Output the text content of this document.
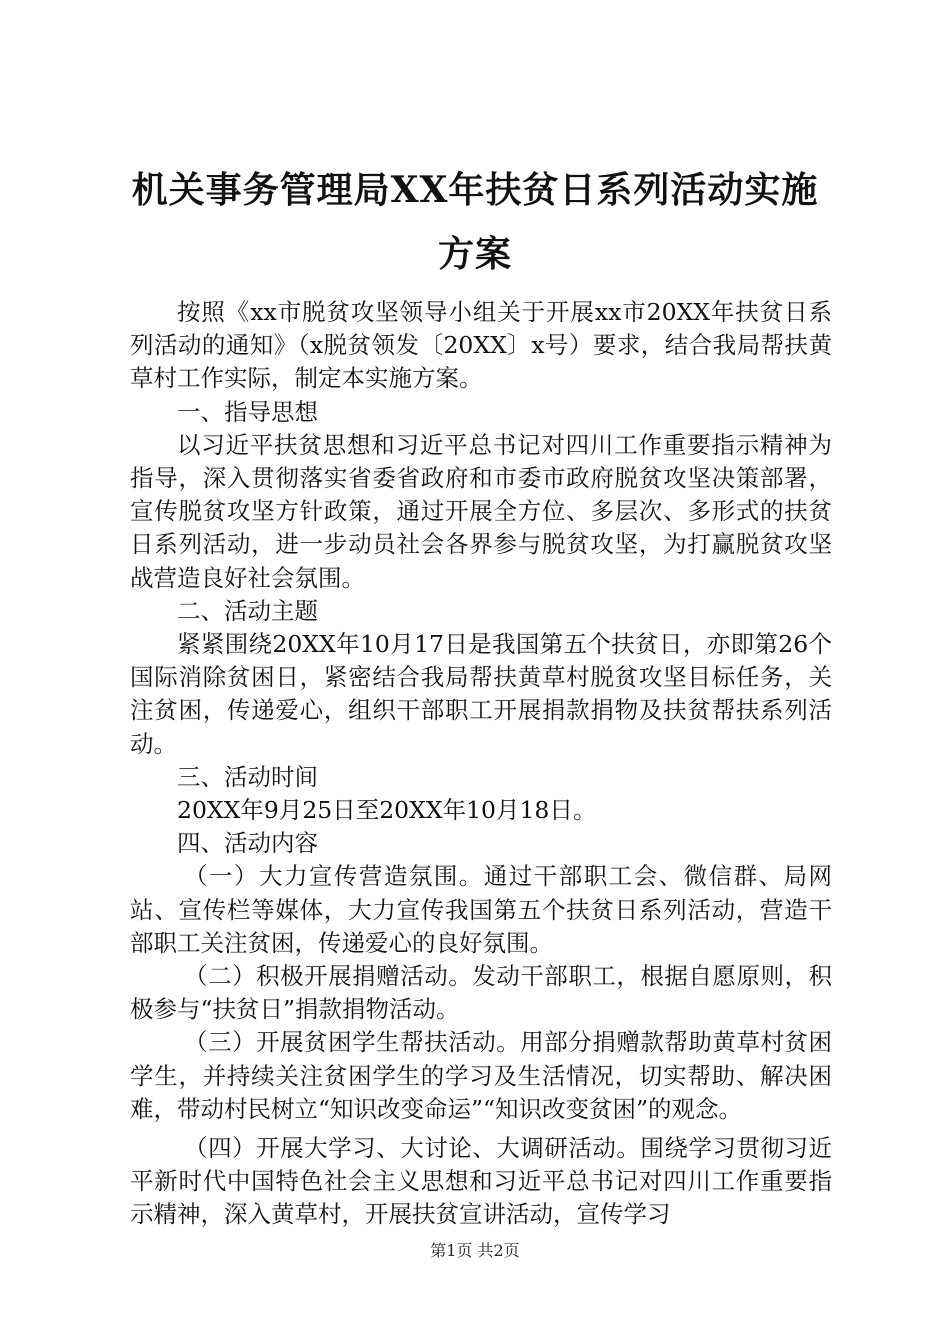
机关事务管理局XX年扶贫日系列活动实施方案

按照《xx市脱贫攻坚领导小组关于开展xx市20XX年扶贫日系列活动的通知》（x脱贫领发〔20XX〕x号）要求，结合我局帮扶黄草村工作实际，制定本实施方案。

一、指导思想

以习近平扶贫思想和习近平总书记对四川工作重要指示精神为指导，深入贯彻落实省委省政府和市委市政府脱贫攻坚决策部署，宣传脱贫攻坚方针政策，通过开展全方位、多层次、多形式的扶贫日系列活动，进一步动员社会各界参与脱贫攻坚，为打赢脱贫攻坚战营造良好社会氛围。

二、活动主题

紧紧围绕20XX年10月17日是我国第五个扶贫日，亦即第26个国际消除贫困日，紧密结合我局帮扶黄草村脱贫攻坚目标任务，关注贫困，传递爱心，组织干部职工开展捐款捐物及扶贫帮扶系列活动。

三、活动时间

20XX年9月25日至20XX年10月18日。

四、活动内容

（一）大力宣传营造氛围。通过干部职工会、微信群、局网站、宣传栏等媒体，大力宣传我国第五个扶贫日系列活动，营造干部职工关注贫困，传递爱心的良好氛围。

（二）积极开展捐赠活动。发动干部职工，根据自愿原则，积极参与“扶贫日”捐款捐物活动。

（三）开展贫困学生帮扶活动。用部分捐赠款帮助黄草村贫困学生，并持续关注贫困学生的学习及生活情况，切实帮助、解决困难，带动村民树立“知识改变命运”“知识改变贫困”的观念。

（四）开展大学习、大讨论、大调研活动。围绕学习贯彻习近平新时代中国特色社会主义思想和习近平总书记对四川工作重要指示精神，深入黄草村，开展扶贫宣讲活动，宣传学习

第1页 共2页
